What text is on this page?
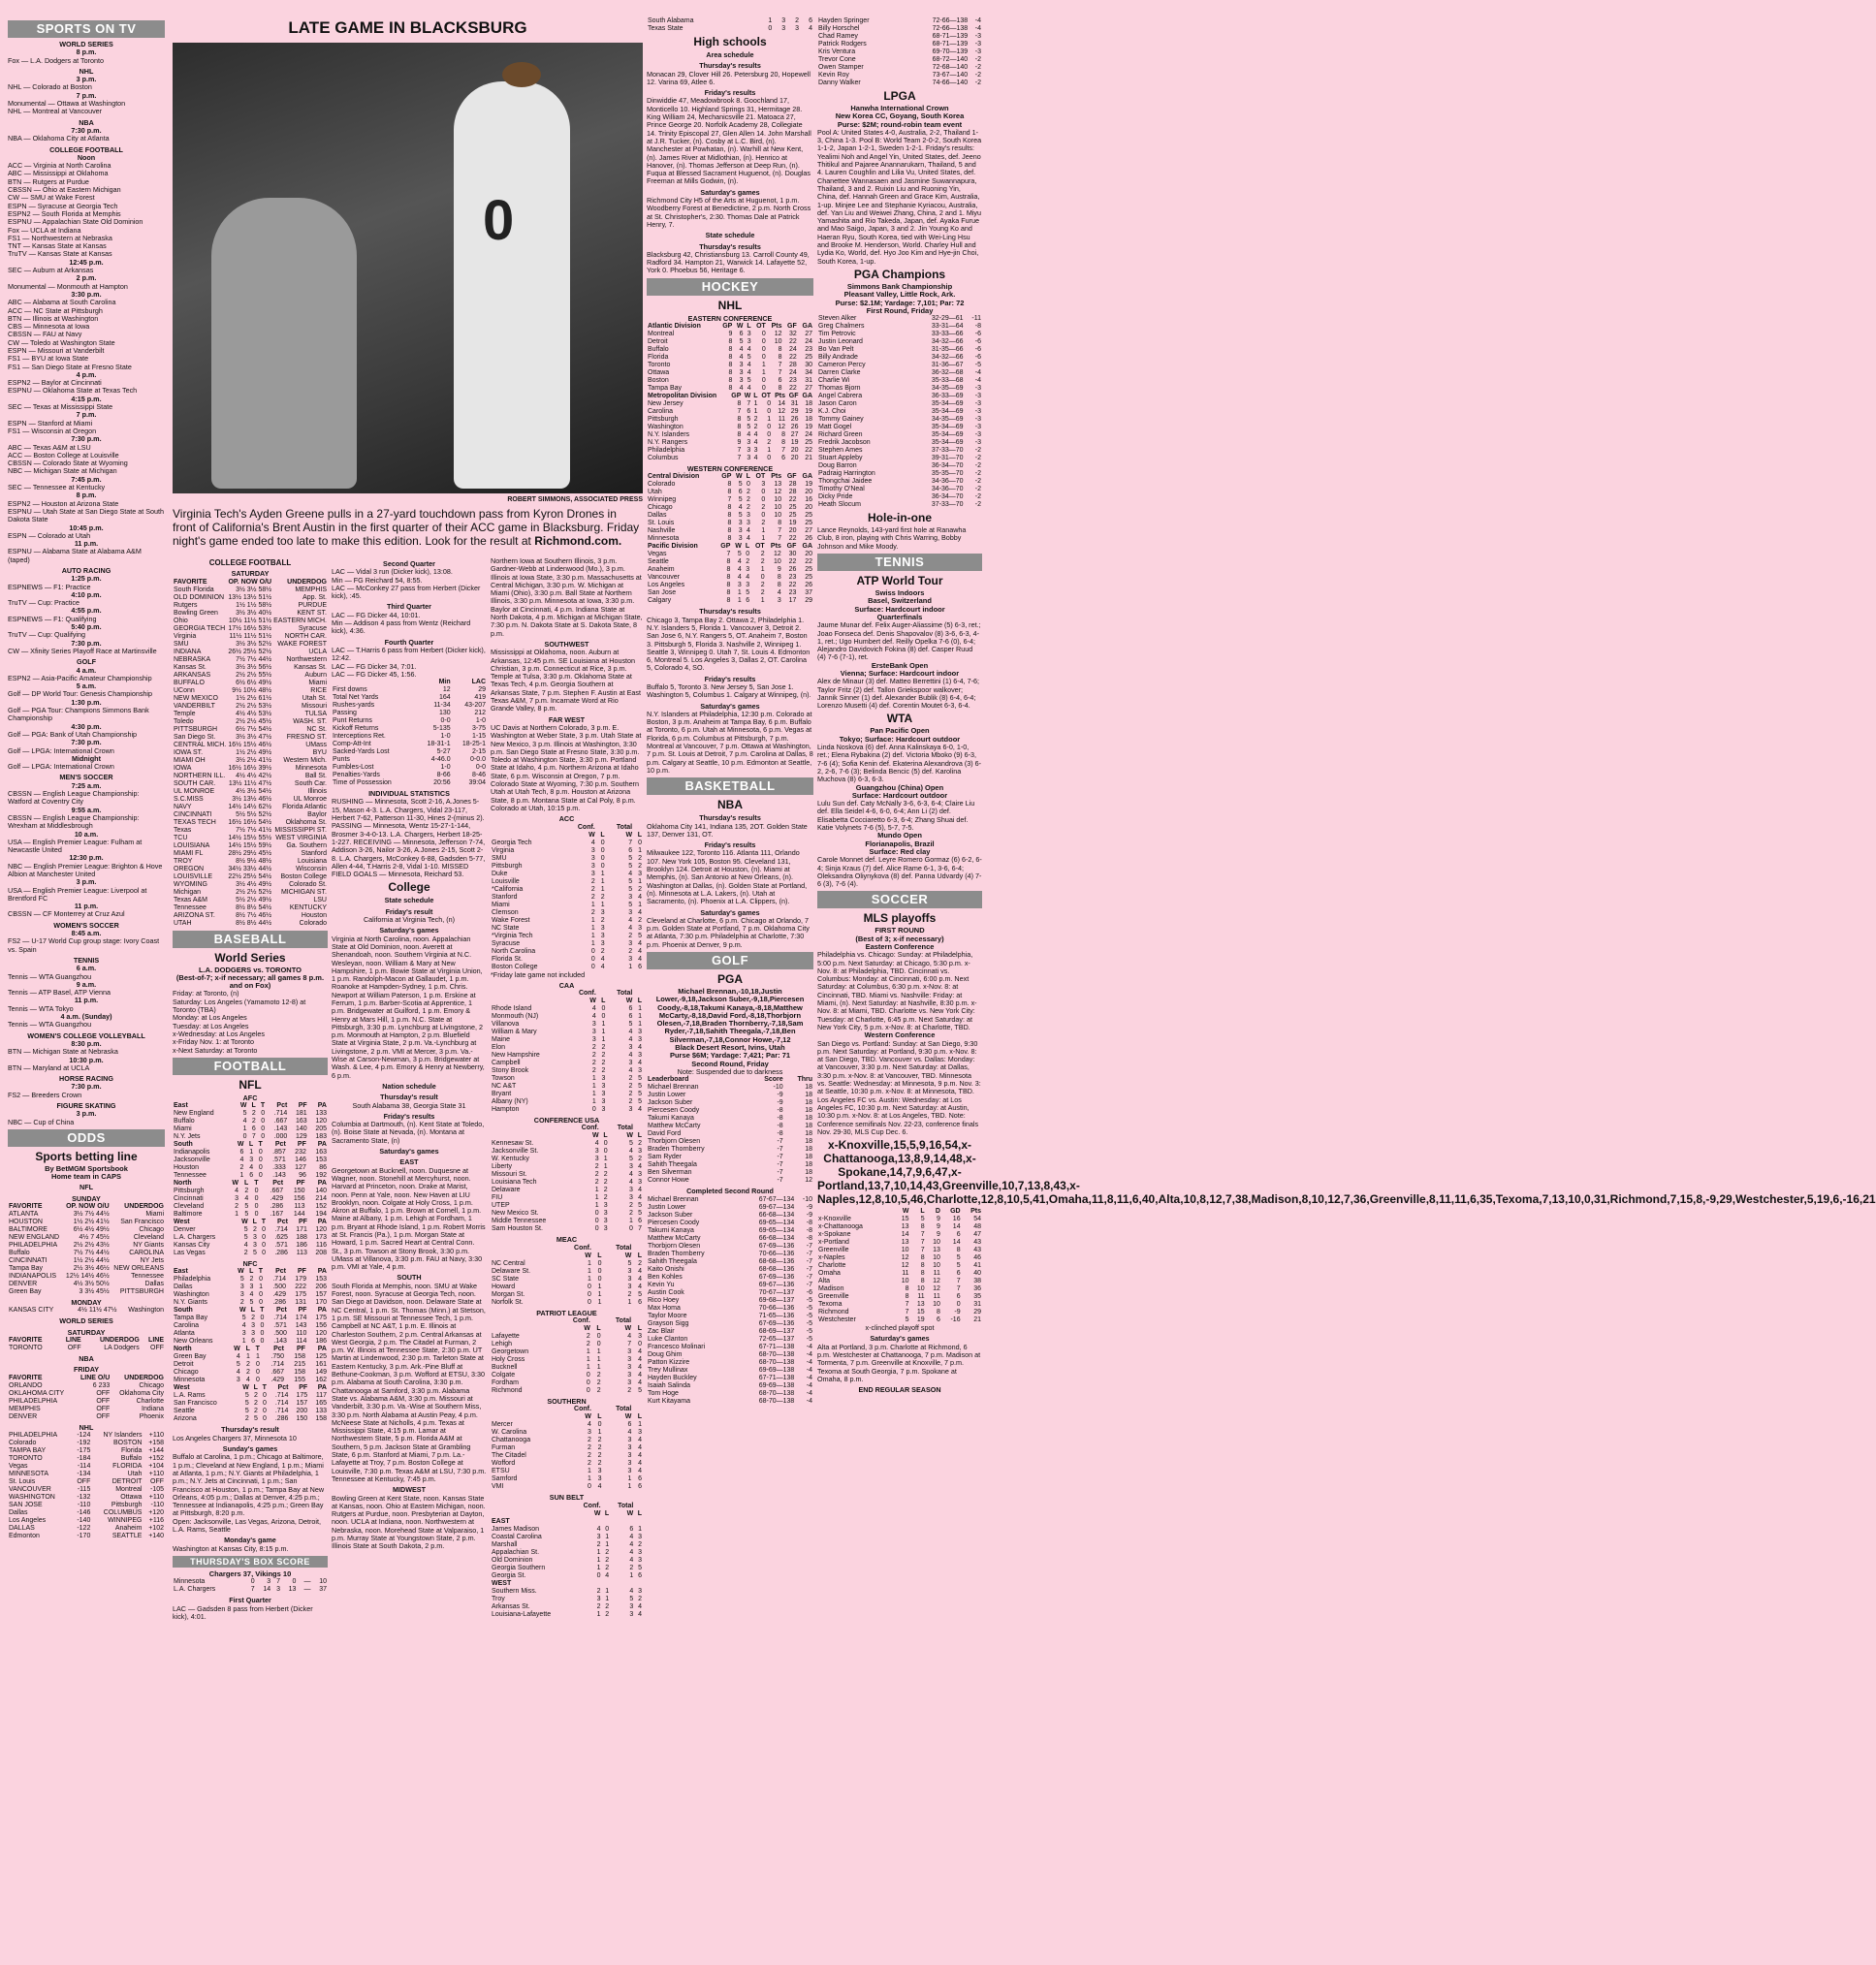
SPORTS ON TV
WORLD SERIES
8 p.m.
Fox — L.A. Dodgers at Toronto
NHL
3 p.m.
NHL — Colorado at Boston
7 p.m.
Monumental — Ottawa at Washington
NHL — Montreal at Vancouver
NBA
7:30 p.m.
NBA — Oklahoma City at Atlanta
COLLEGE FOOTBALL
Noon
ACC — Virginia at North Carolina
ABC — Mississippi at Oklahoma
BTN — Rutgers at Purdue
CBSSN — Ohio at Eastern Michigan
CW — SMU at Wake Forest
ESPN — Syracuse at Georgia Tech
ESPN2 — South Florida at Memphis
ESPNU — Appalachian State Old Dominion
Fox — UCLA at Indiana
FS1 — Northwestern at Nebraska
TNT — Kansas State at Kansas
TruTV — Kansas State at Kansas
12:45 p.m.
SEC — Auburn at Arkansas
2 p.m.
Monumental — Monmouth at Hampton
3:30 p.m.
ABC — Alabama at South Carolina
ACC — NC State at Pittsburgh
BTN — Illinois at Washington
CBS — Minnesota at Iowa
CBSSN — FAU at Navy
CW — Toledo at Washington State
ESPN — Missouri at Vanderbilt
FS1 — BYU at Iowa State
FS1 — San Diego State at Fresno State
4 p.m.
ESPN2 — Baylor at Cincinnati
ESPNU — Oklahoma State at Texas Tech
4:15 p.m.
SEC — Texas at Mississippi State
7 p.m.
ESPN — Stanford at Miami
FS1 — Wisconsin at Oregon
7:30 p.m.
ABC — Texas A&M at LSU
ACC — Boston College at Louisville
CBSSN — Colorado State at Wyoming
NBC — Michigan State at Michigan
7:45 p.m.
SEC — Tennessee at Kentucky
8 p.m.
ESPN2 — Houston at Arizona State
ESPNU — Utah State at San Diego State at South Dakota State
10:45 p.m.
ESPN — Colorado at Utah
11 p.m.
ESPNU — Alabama State at Alabama A&M (taped)
AUTO RACING
1:25 p.m.
ESPNEWS — F1: Practice
4:10 p.m.
TruTV — Cup: Practice
4:55 p.m.
ESPNEWS — F1: Qualifying
5:40 p.m.
TruTV — Cup: Qualifying
7:30 p.m.
CW — Xfinity Series Playoff Race at Martinsville
GOLF
4 a.m.
ESPN2 — Asia-Pacific Amateur Championship
5 a.m.
Golf — DP World Tour: Genesis Championship
1:30 p.m.
Golf — PGA Tour: Champions Simmons Bank Championship
4:30 p.m.
Golf — PGA: Bank of Utah Championship
7:30 p.m.
Golf — LPGA: International Crown
Midnight
Golf — LPGA: International Crown
MEN'S SOCCER
7:25 a.m.
CBSSN — English League Championship: Watford at Coventry City
9:55 a.m.
CBSSN — English League Championship: Wrexham at Middlesbrough
10 a.m.
USA — English Premier League: Fulham at Newcastle United
12:30 p.m.
NBC — English Premier League: Brighton & Hove Albion at Manchester United
3 p.m.
USA — English Premier League: Liverpool at Brentford FC
11 p.m.
CBSSN — CF Monterrey at Cruz Azul
WOMEN'S SOCCER
8:45 a.m.
FS2 — U-17 World Cup group stage: Ivory Coast vs. Spain
TENNIS
6 a.m.
Tennis — WTA Guangzhou
9 a.m.
Tennis — ATP Basel, ATP Vienna
11 p.m.
Tennis — WTA Tokyo
4 a.m. (Sunday)
Tennis — WTA Guangzhou
WOMEN'S COLLEGE VOLLEYBALL
8:30 p.m.
BTN — Michigan State at Nebraska
10:30 p.m.
BTN — Maryland at UCLA
HORSE RACING
7:30 p.m.
FS2 — Breeders Crown
FIGURE SKATING
3 p.m.
NBC — Cup of China
ODDS
Sports betting line
By BetMGM Sportsbook
Home team in CAPS
NFL
SUNDAY
FAVORITE	OP. NOW O/U	UNDERDOG
ATLANTA	3½ 7½ 44½	Miami
HOUSTON	1½ 2½ 41½	San Francisco
BALTIMORE	6½ 4½ 49½	Chicago
NEW ENGLAND	4½ 7 45½	Cleveland
PHILADELPHIA	2½ 2½ 43½	NY Giants
Buffalo	7½ 7½ 44½	CAROLINA
CINCINNATI	1½ 2½ 44½	NY Jets
Tampa Bay	2½ 3½ 46½	NEW ORLEANS
INDIANAPOLIS	12½ 14½ 46½	Tennessee
DENVER	4½ 3½ 50½	Dallas
Green Bay	3 3½ 45½	PITTSBURGH
MONDAY
KANSAS CITY	4½ 11½ 47½	Washington
WORLD SERIES
SATURDAY
FAVORITE	LINE	UNDERDOG	LINE
TORONTO	OFF	LA Dodgers	OFF
NBA
FRIDAY
FAVORITE	LINE O/U	UNDERDOG
ORLANDO	6 233	Chicago
OKLAHOMA CITY	OFF	Oklahoma City
PHILADELPHIA	OFF	Charlotte
MEMPHIS	OFF	Indiana
DENVER	OFF	Phoenix
NHL
PHILADELPHIA	-124	NY Islanders	+110
Colorado	-192	BOSTON	+158
TAMPA BAY	-175	Florida	+144
TORONTO	-184	Buffalo	+152
Vegas	-114	FLORIDA	+104
MINNESOTA	-134	Utah	+110
St. Louis	OFF	DETROIT	OFF
VANCOUVER	-115	Montreal	-105
WASHINGTON	-132	Ottawa	+110
SAN JOSE	-110	Pittsburgh	-110
Dallas	-146	COLUMBUS	+120
Los Angeles	-140	WINNIPEG	+116
DALLAS	-122	Anaheim	+102
Edmonton	-170	SEATTLE	+140
LATE GAME IN BLACKSBURG
0
ROBERT SIMMONS, ASSOCIATED PRESS
Virginia Tech's Ayden Greene pulls in a 27-yard touchdown pass from Kyron Drones in front of California's Brent Austin in the first quarter of their ACC game in Blacksburg. Friday night's game ended too late to make this edition. Look for the result at Richmond.com.
COLLEGE FOOTBALL
SATURDAY
FAVORITE	OP. NOW O/U	UNDERDOG
South Florida	3½ 3½ 58½	MEMPHIS
OLD DOMINION	13½ 13½ 51½	App. St.
Rutgers	1½ 1½ 58½	PURDUE
Bowling Green	3½ 3½ 40½	KENT ST.
Ohio	10½ 11½ 51½	EASTERN MICH.
GEORGIA TECH	17½ 16½ 53½	Syracuse
Virginia	11½ 11½ 51½	NORTH CAR.
SMU	3½ 3½ 52½	WAKE FOREST
INDIANA	26½ 25½ 52½	UCLA
NEBRASKA	7½ 7½ 44½	Northwestern
Kansas St.	3½ 3½ 56½	Kansas St.
ARKANSAS	2½ 2½ 55½	Auburn
BUFFALO	6½ 6½ 49½	Miami
UConn	9½ 10½ 48½	RICE
NEW MEXICO	1½ 2½ 61½	Utah St.
VANDERBILT	2½ 2½ 53½	Missouri
Temple	4½ 4½ 53½	TULSA
Toledo	2½ 2½ 45½	WASH. ST.
PITTSBURGH	6½ 7½ 54½	NC St.
San Diego St.	3½ 3½ 47½	FRESNO ST.
CENTRAL MICH.	16½ 15½ 46½	UMass
IOWA ST.	1½ 2½ 49½	BYU
MIAMI OH	3½ 2½ 41½	Western Mich.
IOWA	16½ 16½ 39½	Minnesota
NORTHERN ILL.	4½ 4½ 42½	Ball St.
SOUTH CAR.	13½ 11½ 47½	South Car.
UL MONROE	4½ 3½ 54½	Illinois
S.C.MISS	3½ 13½ 46½	UL Monroe
NAVY	14½ 14½ 62½	Florida Atlantic
CINCINNATI	5½ 5½ 52½	Baylor
TEXAS TECH	16½ 16½ 54½	Oklahoma St.
Texas	7½ 7½ 41½	MISSISSIPPI ST.
TCU	14½ 15½ 55½	WEST VIRGINIA
LOUISIANA	14½ 15½ 59½	Ga. Southern
MIAMI FL	28½ 29½ 45½	Stanford
TROY	8½ 9½ 48½	Louisiana
OREGON	34½ 33½ 44½	Wisconsin
LOUISVILLE	22½ 25½ 54½	Boston College
WYOMING	3½ 4½ 49½	Colorado St.
Michigan	2½ 2½ 52½	MICHIGAN ST.
Texas A&M	5½ 2½ 49½	LSU
Tennessee	8½ 8½ 54½	KENTUCKY
ARIZONA ST.	8½ 7½ 46½	Houston
UTAH	8½ 8½ 44½	Colorado
BASEBALL
World Series
L.A. DODGERS vs. TORONTO
(Best-of-7; x-if necessary; all games 8 p.m. and on Fox)
Friday: at Toronto, (n)
Saturday: Los Angeles (Yamamoto 12-8) at Toronto (TBA)
Monday: at Los Angeles
Tuesday: at Los Angeles
x-Wednesday: at Los Angeles
x-Friday Nov. 1: at Toronto
x-Next Saturday: at Toronto
FOOTBALL
NFL
AFC
East	W	L	T	Pct	PF	PA
New England	5	2	0	.714	181	133
Buffalo	4	2	0	.667	163	120
Miami	1	6	0	.143	140	205
N.Y. Jets	0	7	0	.000	129	183
South	W	L	T	Pct	PF	PA
Indianapolis	6	1	0	.857	232	163
Jacksonville	4	3	0	.571	146	153
Houston	2	4	0	.333	127	86
Tennessee	1	6	0	.143	96	192
North	W	L	T	Pct	PF	PA
Pittsburgh	4	2	0	.667	150	140
Cincinnati	3	4	0	.429	156	214
Cleveland	2	5	0	.286	113	152
Baltimore	1	5	0	.167	144	194
West	W	L	T	Pct	PF	PA
Denver	5	2	0	.714	171	120
L.A. Chargers	5	3	0	.625	188	173
Kansas City	4	3	0	.571	186	116
Las Vegas	2	5	0	.286	113	208
NFC
East	W	L	T	Pct	PF	PA
Philadelphia	5	2	0	.714	179	153
Dallas	3	3	1	.500	222	206
Washington	3	4	0	.429	175	157
N.Y. Giants	2	5	0	.286	131	170
South	W	L	T	Pct	PF	PA
Tampa Bay	5	2	0	.714	174	175
Carolina	4	3	0	.571	143	156
Atlanta	3	3	0	.500	110	120
New Orleans	1	6	0	.143	114	186
North	W	L	T	Pct	PF	PA
Green Bay	4	1	1	.750	158	125
Detroit	5	2	0	.714	215	161
Chicago	4	2	0	.667	158	149
Minnesota	3	4	0	.429	155	162
West	W	L	T	Pct	PF	PA
L.A. Rams	5	2	0	.714	175	117
San Francisco	5	2	0	.714	157	165
Seattle	5	2	0	.714	200	133
Arizona	2	5	0	.286	150	158
Thursday's result
Los Angeles Chargers 37, Minnesota 10
Sunday's games
Buffalo at Carolina, 1 p.m.; Chicago at Baltimore, 1 p.m.; Cleveland at New England, 1 p.m.; Miami at Atlanta, 1 p.m.; N.Y. Giants at Philadelphia, 1 p.m.; N.Y. Jets at Cincinnati, 1 p.m.; San Francisco at Houston, 1 p.m.; Tampa Bay at New Orleans, 4:05 p.m.; Dallas at Denver, 4:25 p.m.; Tennessee at Indianapolis, 4:25 p.m.; Green Bay at Pittsburgh, 8:20 p.m.
Open: Jacksonville, Las Vegas, Arizona, Detroit, L.A. Rams, Seattle
Monday's game
Washington at Kansas City, 8:15 p.m.
THURSDAY'S BOX SCORE
Chargers 37, Vikings 10
Minnesota	0	3	7	0	—	10
L.A. Chargers	7	14	3	13	—	37
First Quarter
LAC — Gadsden 8 pass from Herbert (Dicker kick), 4:01.
Second Quarter
LAC — Vidal 3 run (Dicker kick), 13:08.
Min — FG Reichard 54, 8:55.
LAC — McConkey 27 pass from Herbert (Dicker kick), :45.
Third Quarter
LAC — FG Dicker 44, 10:01.
Min — Addison 4 pass from Wentz (Reichard kick), 4:36.
Fourth Quarter
LAC — T.Harris 6 pass from Herbert (Dicker kick), 12:42.
LAC — FG Dicker 34, 7:01.
LAC — FG Dicker 45, 1:56.
	Min	LAC
First downs	12	29
Total Net Yards	164	419
Rushes-yards	11-34	43-207
Passing	130	212
Punt Returns	0-0	1-0
Kickoff Returns	5-135	3-75
Interceptions Ret.	1-0	1-15
Comp-Att-Int	18-31-1	18-25-1
Sacked-Yards Lost	5-27	2-15
Punts	4-46.0	0-0.0
Fumbles-Lost	1-0	0-0
Penalties-Yards	8-66	8-46
Time of Possession	20:56	39:04
INDIVIDUAL STATISTICS
RUSHING — Minnesota, Scott 2-16, A.Jones 5-15, Mason 4-3. L.A. Chargers, Vidal 23-117, Herbert 7-62, Patterson 11-30, Hines 2-(minus 2). PASSING — Minnesota, Wentz 15-27-1-144, Brosmer 3-4-0-13. L.A. Chargers, Herbert 18-25-1-227. RECEIVING — Minnesota, Jefferson 7-74, Addison 3-26, Nailor 3-26, A.Jones 2-15, Scott 2-8. L.A. Chargers, McConkey 6-88, Gadsden 5-77, Allen 4-44, T.Harris 2-8, Vidal 1-10. MISSED FIELD GOALS — Minnesota, Reichard 53.
College
State schedule
Friday's result
California at Virginia Tech, (n)
Saturday's games
Virginia at North Carolina, noon. Appalachian State at Old Dominion, noon. Averett at Shenandoah, noon. Southern Virginia at N.C. Wesleyan, noon. William & Mary at New Hampshire, 1 p.m. Bowie State at Virginia Union, 1 p.m. Randolph-Macon at Gallaudet, 1 p.m. Roanoke at Hampden-Sydney, 1 p.m. Chris. Newport at William Paterson, 1 p.m. Erskine at Ferrum, 1 p.m. Barber-Scotia at Apprentice, 1 p.m. Bridgewater at Guilford, 1 p.m. Emory & Henry at Mars Hill, 1 p.m. N.C. State at Pittsburgh, 3:30 p.m. Lynchburg at Livingstone, 2 p.m. Monmouth at Hampton, 2 p.m. Bluefield State at Virginia State, 2 p.m. Va.-Lynchburg at Livingstone, 2 p.m. VMI at Mercer, 3 p.m. Va.-Wise at Carson-Newman, 3 p.m. Bridgewater at Wash. & Lee, 4 p.m. Emory & Henry at Newberry, 6 p.m.
Nation schedule
Thursday's result
South Alabama 38, Georgia State 31
Friday's results
Columbia at Dartmouth, (n). Kent State at Toledo, (n). Boise State at Nevada, (n). Montana at Sacramento State, (n)
Saturday's games
EAST
Georgetown at Bucknell, noon. Duquesne at Wagner, noon. Stonehill at Mercyhurst, noon. Harvard at Princeton, noon. Drake at Marist, noon. Penn at Yale, noon. New Haven at LIU Brooklyn, noon. Colgate at Holy Cross, 1 p.m. Akron at Buffalo, 1 p.m. Brown at Cornell, 1 p.m. Maine at Albany, 1 p.m. Lehigh at Fordham, 1 p.m. Bryant at Rhode Island, 1 p.m. Robert Morris at St. Francis (Pa.), 1 p.m. Morgan State at Howard, 1 p.m. Sacred Heart at Central Conn. St., 3 p.m. Towson at Stony Brook, 3:30 p.m. UMass at Villanova, 3:30 p.m. FAU at Navy, 3:30 p.m. VMI at Yale, 4 p.m.
SOUTH
South Florida at Memphis, noon. SMU at Wake Forest, noon. Syracuse at Georgia Tech, noon. San Diego at Davidson, noon. Delaware State at NC Central, 1 p.m. St. Thomas (Minn.) at Stetson, 1 p.m. SE Missouri at Tennessee Tech, 1 p.m. Campbell at NC A&T, 1 p.m. E. Illinois at Charleston Southern, 2 p.m. Central Arkansas at West Georgia, 2 p.m. The Citadel at Furman, 2 p.m. W. Illinois at Tennessee State, 2:30 p.m. UT Martin at Lindenwood, 2:30 p.m. Tarleton State at Eastern Kentucky, 3 p.m. Ark.-Pine Bluff at Bethune-Cookman, 3 p.m. Wofford at ETSU, 3:30 p.m. Alabama at South Carolina, 3:30 p.m. Chattanooga at Samford, 3:30 p.m. Alabama State vs. Alabama A&M, 3:30 p.m. Missouri at Vanderbilt, 3:30 p.m. Va.-Wise at Southern Miss, 3:30 p.m. North Alabama at Austin Peay, 4 p.m. McNeese State at Nicholls, 4 p.m. Texas at Mississippi State, 4:15 p.m. Lamar at Northwestern State, 5 p.m. Florida A&M at Southern, 5 p.m. Jackson State at Grambling State, 6 p.m. Stanford at Miami, 7 p.m. La.-Lafayette at Troy, 7 p.m. Boston College at Louisville, 7:30 p.m. Texas A&M at LSU, 7:30 p.m. Tennessee at Kentucky, 7:45 p.m.
MIDWEST
Bowling Green at Kent State, noon. Kansas State at Kansas, noon. Ohio at Eastern Michigan, noon. Rutgers at Purdue, noon. Presbyterian at Dayton, noon. UCLA at Indiana, noon. Northwestern at Nebraska, noon. Morehead State at Valparaiso, 1 p.m. Murray State at Youngstown State, 2 p.m. Illinois State at South Dakota, 2 p.m.
Northern Iowa at Southern Illinois, 3 p.m. Gardner-Webb at Lindenwood (Mo.), 3 p.m. Illinois at Iowa State, 3:30 p.m. Massachusetts at Central Michigan, 3:30 p.m. W. Michigan at Miami (Ohio), 3:30 p.m. Ball State at Northern Illinois, 3:30 p.m. Minnesota at Iowa, 3:30 p.m. Baylor at Cincinnati, 4 p.m. Indiana State at North Dakota, 4 p.m. Michigan at Michigan State, 7:30 p.m. N. Dakota State at S. Dakota State, 8 p.m.
SOUTHWEST
Mississippi at Oklahoma, noon. Auburn at Arkansas, 12:45 p.m. SE Louisiana at Houston Christian, 3 p.m. Connecticut at Rice, 3 p.m. Temple at Tulsa, 3:30 p.m. Oklahoma State at Texas Tech, 4 p.m. Georgia Southern at Arkansas State, 7 p.m. Stephen F. Austin at East Texas A&M, 7 p.m. Incarnate Word at Rio Grande Valley, 8 p.m.
FAR WEST
UC Davis at Northern Colorado, 3 p.m. E. Washington at Weber State, 3 p.m. Utah State at New Mexico, 3 p.m. Illinois at Washington, 3:30 p.m. San Diego State at Fresno State, 3:30 p.m. Toledo at Washington State, 3:30 p.m. Portland State at Idaho, 4 p.m. Northern Arizona at Idaho State, 6 p.m. Wisconsin at Oregon, 7 p.m. Colorado State at Wyoming, 7:30 p.m. Southern Utah at Utah Tech, 8 p.m. Houston at Arizona State, 8 p.m. Montana State at Cal Poly, 8 p.m. Colorado at Utah, 10:15 p.m.
ACC
	Conf.		Total	
	W	L	W	L
Georgia Tech	4	0	7	0
Virginia	3	0	6	1
SMU	3	0	5	2
Pittsburgh	3	0	5	2
Duke	3	1	4	3
Louisville	2	1	5	1
*California	2	1	5	2
Stanford	2	2	3	4
Miami	1	1	5	1
Clemson	2	3	3	4
Wake Forest	1	2	4	2
NC State	1	3	4	3
*Virginia Tech	1	3	2	5
Syracuse	1	3	3	4
North Carolina	0	2	2	4
Florida St.	0	4	3	4
Boston College	0	4	1	6
*Friday late game not included
CAA
	Conf.		Total	
	W	L	W	L
Rhode Island	4	0	6	1
Monmouth (NJ)	4	0	6	1
Villanova	3	1	5	1
William & Mary	3	1	4	3
Maine	3	1	4	3
Elon	2	2	3	4
New Hampshire	2	2	4	3
Campbell	2	2	3	4
Stony Brook	2	2	4	3
Towson	1	3	2	5
NC A&T	1	3	2	5
Bryant	1	3	2	5
Albany (NY)	1	3	2	5
Hampton	0	3	3	4
CONFERENCE USA
	Conf.		Total	
	W	L	W	L
Kennesaw St.	4	0	5	2
Jacksonville St.	3	0	4	3
W. Kentucky	3	1	5	2
Liberty	2	1	3	4
Missouri St.	2	2	4	3
Louisiana Tech	2	2	4	3
Delaware	1	2	3	4
FIU	1	2	3	4
UTEP	1	3	2	5
New Mexico St.	0	3	2	5
Middle Tennessee	0	3	1	6
Sam Houston St.	0	3	0	7
MEAC
	Conf.		Total	
	W	L	W	L
NC Central	1	0	5	2
Delaware St.	1	0	3	4
SC State	1	0	3	4
Howard	0	1	3	4
Morgan St.	0	1	2	5
Norfolk St.	0	1	1	6
PATRIOT LEAGUE
	Conf.		Total	
	W	L	W	L
Lafayette	2	0	4	3
Lehigh	2	0	7	0
Georgetown	1	1	3	4
Holy Cross	1	1	3	4
Bucknell	1	1	3	4
Colgate	0	2	3	4
Fordham	0	2	3	4
Richmond	0	2	2	5
SOUTHERN
	Conf.		Total	
	W	L	W	L
Mercer	4	0	6	1
W. Carolina	3	1	4	3
Chattanooga	2	2	3	4
Furman	2	2	3	4
The Citadel	2	2	3	4
Wofford	2	2	3	4
ETSU	1	3	3	4
Samford	1	3	1	6
VMI	0	4	1	6
SUN BELT
	Conf.		Total	
	W	L	W	L
EAST				
James Madison	4	0	6	1
Coastal Carolina	3	1	4	3
Marshall	2	1	4	2
Appalachian St.	1	2	4	3
Old Dominion	1	2	4	3
Georgia Southern	1	2	2	5
Georgia St.	0	4	1	6
WEST				
Southern Miss.	2	1	4	3
Troy	3	1	5	2
Arkansas St.	2	2	3	4
Louisiana-Lafayette	1	2	3	4
South Alabama	1	3	2	6
Texas State	0	3	3	4
High schools
Area schedule
Thursday's results
Monacan 29, Clover Hill 26. Petersburg 20, Hopewell 12. Varina 69, Atlee 6.
Friday's results
Dinwiddie 47, Meadowbrook 8. Goochland 17, Monticello 10. Highland Springs 31, Hermitage 28. King William 24, Mechanicsville 21. Matoaca 27, Prince George 20. Norfolk Academy 28, Collegiate 14. Trinity Episcopal 27, Glen Allen 14. John Marshall at J.R. Tucker, (n). Cosby at L.C. Bird, (n). Manchester at Powhatan, (n). Warhill at New Kent, (n). James River at Midlothian, (n). Henrico at Hanover, (n). Thomas Jefferson at Deep Run, (n). Fuqua at Blessed Sacrament Huguenot, (n). Douglas Freeman at Mills Godwin, (n).
Saturday's games
Richmond City H5 of the Arts at Huguenot, 1 p.m. Woodberry Forest at Benedictine, 2 p.m. North Cross at St. Christopher's, 2:30. Thomas Dale at Patrick Henry, 7.
State schedule
Thursday's results
Blacksburg 42, Christiansburg 13. Carroll County 49, Radford 34. Hampton 21, Warwick 14. Lafayette 52, York 0. Phoebus 56, Heritage 6.
HOCKEY
NHL
EASTERN CONFERENCE
Atlantic Division	GP	W	L	OT	Pts	GF	GA
Montreal	9	6	3	0	12	32	27
Detroit	8	5	3	0	10	22	24
Buffalo	8	4	4	0	8	24	23
Florida	8	4	5	0	8	22	25
Toronto	8	3	4	1	7	28	30
Ottawa	8	3	4	1	7	24	34
Boston	8	3	5	0	6	23	31
Tampa Bay	8	4	4	0	8	22	27
Metropolitan Division	GP	W	L	OT	Pts	GF	GA
New Jersey	8	7	1	0	14	31	18
Carolina	7	6	1	0	12	29	19
Pittsburgh	8	5	2	1	11	26	18
Washington	8	5	2	0	12	26	19
N.Y. Islanders	8	4	4	0	8	27	24
N.Y. Rangers	9	3	4	2	8	19	25
Philadelphia	7	3	3	1	7	20	22
Columbus	7	3	4	0	6	20	21
WESTERN CONFERENCE
Central Division	GP	W	L	OT	Pts	GF	GA
Colorado	8	5	0	3	13	28	19
Utah	8	6	2	0	12	28	20
Winnipeg	7	5	2	0	10	22	16
Chicago	8	4	2	2	10	25	20
Dallas	8	5	3	0	10	25	25
St. Louis	8	3	3	2	8	19	25
Nashville	8	3	4	1	7	20	27
Minnesota	8	3	4	1	7	22	26
Pacific Division	GP	W	L	OT	Pts	GF	GA
Vegas	7	5	0	2	12	30	20
Seattle	8	4	2	2	10	22	22
Anaheim	8	4	3	1	9	26	25
Vancouver	8	4	4	0	8	23	25
Los Angeles	8	3	3	2	8	22	26
San Jose	8	1	5	2	4	23	37
Calgary	8	1	6	1	3	17	29
Thursday's results
Chicago 3, Tampa Bay 2. Ottawa 2, Philadelphia 1. N.Y. Islanders 5, Florida 1. Vancouver 3, Detroit 2. San Jose 6, N.Y. Rangers 5, OT. Anaheim 7, Boston 3. Pittsburgh 5, Florida 3. Nashville 2, Winnipeg 1. Seattle 3, Winnipeg 0. Utah 7, St. Louis 4. Edmonton 6, Montreal 5. Los Angeles 3, Dallas 2, OT. Carolina 5, Colorado 4, SO.
Friday's results
Buffalo 5, Toronto 3. New Jersey 5, San Jose 1. Washington 5, Columbus 1. Calgary at Winnipeg, (n).
Saturday's games
N.Y. Islanders at Philadelphia, 12:30 p.m. Colorado at Boston, 3 p.m. Anaheim at Tampa Bay, 6 p.m. Buffalo at Toronto, 6 p.m. Utah at Minnesota, 6 p.m. Vegas at Florida, 6 p.m. Columbus at Pittsburgh, 7 p.m. Montreal at Vancouver, 7 p.m. Ottawa at Washington, 7 p.m. St. Louis at Detroit, 7 p.m. Carolina at Dallas, 8 p.m. Calgary at Seattle, 10 p.m. Edmonton at Seattle, 10 p.m.
BASKETBALL
NBA
Thursday's results
Oklahoma City 141, Indiana 135, 2OT. Golden State 137, Denver 131, OT.
Friday's results
Milwaukee 122, Toronto 116. Atlanta 111, Orlando 107. New York 105, Boston 95. Cleveland 131, Brooklyn 124. Detroit at Houston, (n). Miami at Memphis, (n). San Antonio at New Orleans, (n). Washington at Dallas, (n). Golden State at Portland, (n). Minnesota at L.A. Lakers, (n). Utah at Sacramento, (n). Phoenix at L.A. Clippers, (n).
Saturday's games
Cleveland at Charlotte, 6 p.m. Chicago at Orlando, 7 p.m. Golden State at Portland, 7 p.m. Oklahoma City at Atlanta, 7:30 p.m. Philadelphia at Charlotte, 7:30 p.m. Phoenix at Denver, 9 p.m.
GOLF
PGA
Michael Brennan,-10,18,Justin Lower,-9,18,Jackson Suber,-9,18,Piercesen Coody,-8,18,Takumi Kanaya,-8,18,Matthew McCarty,-8,18,David Ford,-8,18,Thorbjorn Olesen,-7,18,Braden Thornberry,-7,18,Sam Ryder,-7,18,Sahith Theegala,-7,18,Ben Silverman,-7,18,Connor Howe,-7,12
Black Desert Resort, Ivins, Utah
Purse $6M; Yardage: 7,421; Par: 71
Second Round, Friday
Note: Suspended due to darkness
Leaderboard	Score	Thru
Michael Brennan	-10	18
Justin Lower	-9	18
Jackson Suber	-9	18
Piercesen Coody	-8	18
Takumi Kanaya	-8	18
Matthew McCarty	-8	18
David Ford	-8	18
Thorbjorn Olesen	-7	18
Braden Thornberry	-7	18
Sam Ryder	-7	18
Sahith Theegala	-7	18
Ben Silverman	-7	18
Connor Howe	-7	12
Completed Second Round
Michael Brennan	67-67—134	-10
Justin Lower	69-67—134	-9
Jackson Suber	66-68—134	-9
Piercesen Coody	69-65—134	-8
Takumi Kanaya	69-65—134	-8
Matthew McCarty	66-68—134	-8
Thorbjorn Olesen	67-69—136	-7
Braden Thornberry	70-66—136	-7
Sahith Theegala	68-68—136	-7
Kaito Onishi	68-68—136	-7
Ben Kohles	67-69—136	-7
Kevin Yu	69-67—136	-7
Austin Cook	70-67—137	-6
Rico Hoey	69-68—137	-5
Max Homa	70-66—136	-5
Taylor Moore	71-65—136	-5
Grayson Sigg	67-69—136	-5
Zac Blair	68-69—137	-5
Luke Clanton	72-65—137	-5
Francesco Molinari	67-71—138	-4
Doug Ghim	68-70—138	-4
Patton Kizzire	68-70—138	-4
Trey Mullinax	69-69—138	-4
Hayden Buckley	67-71—138	-4
Isaiah Salinda	69-69—138	-4
Tom Hoge	68-70—138	-4
Kurt Kitayama	68-70—138	-4
Hayden Springer	72-66—138	-4
Billy Horschel	72-66—138	-4
Chad Ramey	68-71—139	-3
Patrick Rodgers	68-71—139	-3
Kris Ventura	69-70—139	-3
Trevor Cone	68-72—140	-2
Owen Stamper	72-68—140	-2
Kevin Roy	73-67—140	-2
Danny Walker	74-66—140	-2
LPGA
Hanwha International Crown
New Korea CC, Goyang, South Korea
Purse: $2M; round-robin team event
Pool A: United States 4-0, Australia, 2-2, Thailand 1-3, China 1-3. Pool B: World Team 2-0-2, South Korea 1-1-2, Japan 1-2-1, Sweden 1-2-1. Friday's results: Yealimi Noh and Angel Yin, United States, def. Jeeno Thitikul and Pajaree Anannarukarn, Thailand, 5 and 4. Lauren Coughlin and Lilia Vu, United States, def. Chanettee Wannasaen and Jasmine Suwannapura, Thailand, 3 and 2. Ruixin Liu and Ruoning Yin, China, def. Hannah Green and Grace Kim, Australia, 1-up. Minjee Lee and Stephanie Kyriacou, Australia, def. Yan Liu and Weiwei Zhang, China, 2 and 1. Miyu Yamashita and Rio Takeda, Japan, def. Ayaka Furue and Mao Saigo, Japan, 3 and 2. Jin Young Ko and Haeran Ryu, South Korea, tied with Wei-Ling Hsu and Brooke M. Henderson, World. Charley Hull and Lydia Ko, World, def. Hyo Joo Kim and Hye-jin Choi, South Korea, 1-up.
PGA Champions
Simmons Bank Championship
Pleasant Valley, Little Rock, Ark.
Purse: $2.1M; Yardage: 7,101; Par: 72
First Round, Friday
Steven Alker	32-29—61	-11
Greg Chalmers	33-31—64	-8
Tim Petrovic	33-33—66	-6
Justin Leonard	34-32—66	-6
Bo Van Pelt	31-35—66	-6
Billy Andrade	34-32—66	-6
Cameron Percy	31-36—67	-5
Darren Clarke	36-32—68	-4
Charlie Wi	35-33—68	-4
Thomas Bjorn	34-35—69	-3
Angel Cabrera	36-33—69	-3
Jason Caron	35-34—69	-3
K.J. Choi	35-34—69	-3
Tommy Gainey	34-35—69	-3
Matt Gogel	35-34—69	-3
Richard Green	35-34—69	-3
Fredrik Jacobson	35-34—69	-3
Stephen Ames	37-33—70	-2
Stuart Appleby	39-31—70	-2
Doug Barron	36-34—70	-2
Padraig Harrington	35-35—70	-2
Thongchai Jaidee	34-36—70	-2
Timothy O'Neal	34-36—70	-2
Dicky Pride	36-34—70	-2
Heath Slocum	37-33—70	-2
Hole-in-one
Lance Reynolds, 143-yard first hole at Ranawha Club, 8 iron, playing with Chris Warring, Bobby Johnson and Mike Moody.
TENNIS
ATP World Tour
Swiss Indoors
Basel, Switzerland
Surface: Hardcourt indoor
Quarterfinals
Jaume Munar def. Felix Auger-Aliassime (5) 6-3, ret.; Joao Fonseca def. Denis Shapovalov (8) 3-6, 6-3, 4-1, ret.; Ugo Humbert def. Reilly Opelka 7-6 (0), 6-4; Alejandro Davidovich Fokina (8) def. Casper Ruud (4) 7-6 (7-1), ret.
ErsteBank Open
Vienna; Surface: Hardcourt indoor
Alex de Minaur (3) def. Matteo Berrettini (1) 6-4, 7-6; Taylor Fritz (2) def. Tallon Griekspoor walkover; Jannik Sinner (1) def. Alexander Bublik (8) 6-4, 6-4; Lorenzo Musetti (4) def. Corentin Moutet 6-3, 6-4.
WTA
Pan Pacific Open
Tokyo; Surface: Hardcourt outdoor
Linda Noskova (6) def. Anna Kalinskaya 6-0, 1-0, ret.; Elena Rybakina (2) def. Victoria Mboko (9) 6-3, 7-6 (4); Sofia Kenin def. Ekaterina Alexandrova (3) 6-2, 2-6, 7-6 (3); Belinda Bencic (5) def. Karolina Muchova (8) 6-3, 6-3.
Guangzhou (China) Open
Surface: Hardcourt outdoor
Lulu Sun def. Caty McNally 3-6, 6-3, 6-4; Claire Liu def. Ella Seidel 4-6, 6-0, 6-4; Ann Li (2) def. Elisabetta Cocciaretto 6-3, 6-4; Zhang Shuai def. Katie Volynets 7-6 (5), 5-7, 7-5.
Mundo Open
Florianapolis, Brazil
Surface: Red clay
Carole Monnet def. Leyre Romero Gormaz (6) 6-2, 6-4; Sinja Kraus (7) def. Alice Rame 6-1, 3-6, 6-4; Oleksandra Oliynykova (8) def. Panna Udvardy (4) 7-6 (3), 7-6 (4).
SOCCER
MLS playoffs
FIRST ROUND
(Best of 3; x-if necessary)
Eastern Conference
Philadelphia vs. Chicago: Sunday: at Philadelphia, 5:00 p.m. Next Saturday: at Chicago, 5:30 p.m. x-Nov. 8: at Philadelphia, TBD. Cincinnati vs. Columbus: Monday: at Cincinnati, 6:00 p.m. Next Saturday: at Columbus, 6:30 p.m. x-Nov. 8: at Cincinnati, TBD. Miami vs. Nashville: Friday: at Miami, (n). Next Saturday: at Nashville, 8:30 p.m. x-Nov. 8: at Miami, TBD. Charlotte vs. New York City: Tuesday: at Charlotte, 6:45 p.m. Next Saturday: at New York City, 5 p.m. x-Nov. 8: at Charlotte, TBD.
Western Conference
San Diego vs. Portland: Sunday: at San Diego, 9:30 p.m. Next Saturday: at Portland, 9:30 p.m. x-Nov. 8: at San Diego, TBD. Vancouver vs. Dallas: Monday: at Vancouver, 3:30 p.m. Next Saturday: at Dallas, 3:30 p.m. x-Nov. 8: at Vancouver, TBD. Minnesota vs. Seattle: Wednesday: at Minnesota, 9 p.m. Nov. 3: at Seattle, 10:30 p.m. x-Nov. 8: at Minnesota, TBD. Los Angeles FC vs. Austin: Wednesday: at Los Angeles FC, 10:30 p.m. Next Saturday: at Austin, 10:30 p.m. x-Nov. 8: at Los Angeles, TBD. Note: Conference semifinals Nov. 22-23, conference finals Nov. 29-30, MLS Cup Dec. 6.
x-Knoxville,15,5,9,16,54,x-Chattanooga,13,8,9,14,48,x-Spokane,14,7,9,6,47,x-Portland,13,7,10,14,43,Greenville,10,7,13,8,43,x-Naples,12,8,10,5,46,Charlotte,12,8,10,5,41,Omaha,11,8,11,6,40,Alta,10,8,12,7,38,Madison,8,10,12,7,36,Greenville,8,11,11,6,35,Texoma,7,13,10,0,31,Richmond,7,15,8,-9,29,Westchester,5,19,6,-16,21
	W	L	D	GD	Pts
x-Knoxville	15	5	9	16	54
x-Chattanooga	13	8	9	14	48
x-Spokane	14	7	9	6	47
x-Portland	13	7	10	14	43
Greenville	10	7	13	8	43
x-Naples	12	8	10	5	46
Charlotte	12	8	10	5	41
Omaha	11	8	11	6	40
Alta	10	8	12	7	38
Madison	8	10	12	7	36
Greenville	8	11	11	6	35
Texoma	7	13	10	0	31
Richmond	7	15	8	-9	29
Westchester	5	19	6	-16	21
x-clinched playoff spot
Saturday's games
Alta at Portland, 3 p.m. Charlotte at Richmond, 6 p.m. Westchester at Chattanooga, 7 p.m. Madison at Tormenta, 7 p.m. Greenville at Knoxville, 7 p.m. Texoma at South Georgia, 7 p.m. Spokane at Omaha, 8 p.m.
END REGULAR SEASON
